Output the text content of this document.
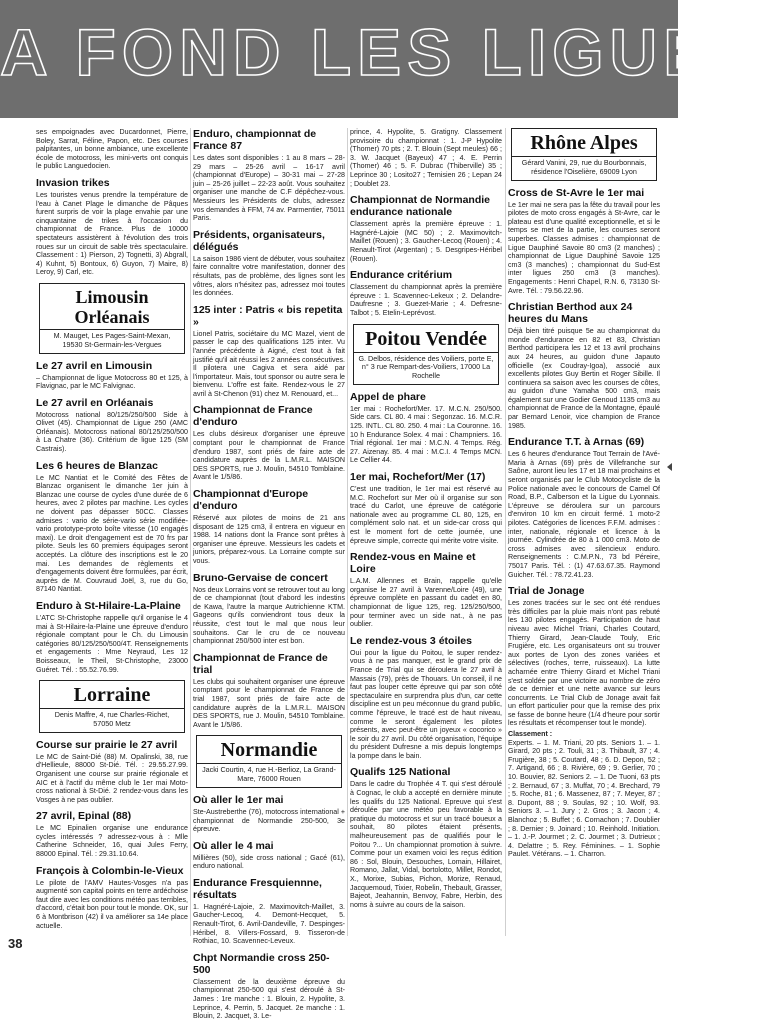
A FOND LES LIGUES

ses empoignades avec Ducardonnet, Pierre, Boley, Sarrat, Féline, Papon, etc. Des courses palpitantes, un bonne ambiance, une excellente école de motocross, les mini-verts ont conquis le public Languedocien.

Invasion trikes

Les touristes venus prendre la température de l'eau à Canet Plage le dimanche de Pâques furent surpris de voir la plage envahie par une cinquantaine de trikes à l'occasion du championnat de France. Plus de 10000 spectateurs assistèrent à l'évolution des trois roues sur un circuit de sable très spectaculaire. Classement : 1) Pierson, 2) Tognetti, 3) Abgrall, 4) Kuhnt, 5) Bontoux, 6) Guyon, 7) Maire, 8) Leroy, 9) Carl, etc.

Limousin Orléanais
M. Mauget, Les Pages-Saint-Mexan, 19530 St-Germain-les-Vergues
Le 27 avril en Limousin

– Championnat de ligue Motocross 80 et 125, à Flavignac, par le MC Falvignac.

Le 27 avril en Orléanais

Motocross national 80/125/250/500 Side à Olivet (45). Championnat de Ligue 250 (AMC Orléanais). Motocross national 80/125/250/500 à La Chatre (36). Critérium de ligue 125 (SM Castrais).

Les 6 heures de Blanzac

Le MC Nantiat et le Comité des Fêtes de Blanzac organisent le dimanche 1er juin à Blanzac une course de cycles d'une durée de 6 heures, avec 2 pilotes par machine. Les cycles ne doivent pas dépasser 50CC. Classes admises : vario de série-vario série modifiée-vario prototype-proto boîte vitesse (10 engagés maxi). Le droit d'engagement est de 70 frs par pilote. Seuls les 60 premiers équipages seront acceptés. La clôture des inscriptions est le 20 mai. Les demandes de règlements et d'engagements doivent être formulées, par écrit, auprès de M. Couvraud Joël, 3, rue du Go, 87140 Nantiat.

Enduro à St-Hilaire-La-Plaine

L'ATC St-Christophe rappelle qu'il organise le 4 mai à St-Hilaire-la-Plaine une épreuve d'enduro régionale comptant pour le Ch. du Limousin catégories 80/125/250/500/4T. Renseignements et engagements : Mme Neyraud, Les 12 Boisseaux, le Theil, St-Christophe, 23000 Guéret. Tél. : 55.52.76.99.

Lorraine
Denis Maffre, 4, rue Charles-Richet, 57050 Metz
Course sur prairie le 27 avril

Le MC de Saint-Dié (88) M. Opalinski, 38, rue d'Hellieule, 88000 St-Dié. Tél. : 29.55.27.99. Organisent une course sur prairie régionale et AIC et à l'actif du même club le 1er mai Moto-cross national à St-Dié. 2 rendez-vous dans les Vosges à ne pas oublier.

27 avril, Epinal (88)

Le MC Epinalien organise une endurance cycles intéressés ? adressez-vous à : Mlle Catherine Schneider, 16, quai Jules Ferry, 88000 Epinal. Tél. : 29.31.10.64.

François à Colombin-le-Vieux

Le pilote de l'AMV Hautes-Vosges n'a pas augmenté son capital points en terre ardéchoise faut dire avec les conditions météo pas terribles, d'accord, c'était bon pour tout le monde. OK, sur 6 à Montbrison (42) il va améliorer sa 14e place actuelle.

Enduro, championnat de France 87

Les dates sont disponibles : 1 au 8 mars – 28-29 mars – 25-26 avril – 16-17 avril (championnat d'Europe) – 30-31 mai – 27-28 juin – 25-26 juillet – 22-23 août. Vous souhaitez organiser une manche de C.F dépêchez-vous. Messieurs les Présidents de clubs, adressez vos demandes à FFM, 74 av. Parmentier, 75011 Paris.

Présidents, organisateurs, délégués

La saison 1986 vient de débuter, vous souhaitez faire connaître votre manifestation, donner des résultats, pas de problème, des lignes sont les vôtres, alors n'hésitez pas, adressez moi toutes les données.

125 inter : Patris « bis repetita »

Lionel Patris, sociétaire du MC Mazel, vient de passer le cap des qualifications 125 inter. Vu l'année précédente à Aigné, c'est tout à fait justifié qu'il ait réussi les 2 années consécutives. Il pilotera une Cagiva et sera aidé par l'importateur. Mais, tout sponsor ou autre sera le bienvenu. L'offre est faite. Rendez-vous le 27 avril à St-Chenon (91) chez M. Renouard, et...

Championnat de France d'enduro

Les clubs désireux d'organiser une épreuve comptant pour le championnat de France d'enduro 1987, sont priés de faire acte de candidature auprès de la L.M.R.L. MAISON DES SPORTS, rue J. Moulin, 54510 Tomblaine. Avant le 1/5/86.

Championnat d'Europe d'enduro

Réservé aux pilotes de moins de 21 ans disposant de 125 cm3, il entrera en vigueur en 1988. 14 nations dont la France sont prêtes à organiser une épreuve. Messieurs les cadets et juniors, préparez-vous. La Lorraine compte sur vous.

Bruno-Gervaise de concert

Nos deux Lorrains vont se retrouver tout au long de ce championnat (tout d'abord les indestins de Kawa, l'autre la marque Autrichienne KTM. Gageons qu'ils conviendront tous deux la réussite, c'est tout le mal que nous leur souhaitons. Car le cru de ce nouveau championnat 250/500 inter est bon.

Championnat de France de trial

Les clubs qui souhaitent organiser une épreuve comptant pour le championnat de France de trial 1987, sont priés de faire acte de candidature auprès de la L.M.R.L. MAISON DES SPORTS, rue J. Moulin, 54510 Tomblaine. Avant le 1/5/86.

Normandie
Jacki Courtin, 4, rue H.-Berlioz, La Grand-Mare, 76000 Rouen
Où aller le 1er mai

Ste-Austreberthe (76), motocross international + championnat de Normandie 250-500, 3e épreuve.

Où aller le 4 mai

Millières (50), side cross national ; Gacé (61), enduro national.

Endurance Fresquiennne, résultats

1. Hagnéré-Lajoie, 2. Maximovitch-Maillet, 3. Gaucher-Lecoq, 4. Demont-Hecquet, 5. Renault-Tirot, 6. Avril-Dandeville, 7. Despinges-Héribel, 8. Villers-Fossard, 9. Tisseron-de Rothiac, 10. Scavennec-Leveux.

Chpt Normandie cross 250-500

Classement de la deuxième épreuve du championnat 250-500 qui s'est déroulé à St-James : 1re manche : 1. Blouin, 2. Hypolite, 3. Leprince, 4. Perrin, 5. Jacquet. 2e manche : 1. Blouin, 2. Jacquet, 3. Le-

prince, 4. Hypolite, 5. Gratigny. Classement provisoire du championnat : 1. J-P Hypolite (Thomer) 70 pts ; 2. T. Blouin (Sept meules) 66 ; 3. W. Jacquet (Bayeux) 47 ; 4. E. Perrin (Thomer) 46 ; 5. F. Dubrac (Thiberville) 35 ; Leprince 30 ; Losito27 ; Ternisien 26 ; Lepan 24 ; Doublet 23.

Championnat de Normandie endurance nationale

Classement après la première épreuve : 1. Hagnéré-Lajoie (MC 50) ; 2. Maximovitch-Maillet (Rouen) ; 3. Gaucher-Lecoq (Rouen) ; 4. Renault-Tirot (Argentan) ; 5. Desgripes-Héribel (Rouen).

Endurance critérium

Classement du championnat après la première épreuve : 1. Scavennec-Lekeux ; 2. Delandre-Daufresne ; 3. Guezet-Marie ; 4. Defresne-Talbot ; 5. Etelin-Leprévost.

Poitou Vendée
G. Delbos, résidence des Voiliers, porte E, n° 3 rue Rempart-des-Voiliers, 17000 La Rochelle
Appel de phare

1er mai : Rochefort/Mer. 17. M.C.N. 250/500. Side cars. CL 80. 4 mai : Segonzac. 16. M.C.R. 125. INTL. CL 80. 250. 4 mai : La Couronne. 16. 10 h Endurance Solex. 4 mai : Champniers. 16. Trial régional. 1er mai : M.C.N. 4 Temps. Rég. 27. Aizenay. 85. 4 mai : M.C.I. 4 Temps MCN. Le Cellier 44.

1er mai, Rochefort/Mer (17)

C'est une tradition, le 1er mai est réservé au M.C. Rochefort sur Mer où il organise sur son tracé du Carlot, une épreuve de catégorie nationale avec au programme CL 80, 125, en complément solo nat. et un side-car cross qui est le moment fort de cette journée, une épreuve simple, correcte qui mérite votre visite.

Rendez-vous en Maine et Loire

L.A.M. Allennes et Brain, rappelle qu'elle organise le 27 avril à Varenne/Loire (49), une épreuve complète en passant du cadet en 80, championnat de ligue 125, reg. 125/250/500, pour terminer avec un side nat., à ne pas oublier.

Le rendez-vous 3 étoiles

Oui pour la ligue du Poitou, le super rendez-vous à ne pas manquer, est le grand prix de France de Trial qui se déroulera le 27 avril à Massais (79), près de Thouars. Un conseil, il ne faut pas louper cette épreuve qui par son côté spectaculaire en surprendra plus d'un, car cette discipline est un peu méconnue du grand public, comme l'épreuve, le tracé est de haut niveau, comme le seront également les pilotes présents, avec peut-être un joyeux « cocorico » le soir du 27 avril. Du côté organisation, l'équipe du président Dufresne a mis depuis longtemps la pompe dans le bain.

Qualifs 125 National

Dans le cadre du Trophée 4 T. qui s'est déroulé à Cognac, le club a accepté en dernière minute les qualifs du 125 National. Epreuve qui s'est déroulée par une météo peu favorable à la pratique du motocross et sur un tracé boueux a souhait, 80 pilotes étaient présents, malheureusement pas de qualifiés pour le Poitou ?... Un championnat promotion à suivre. Comme pour un examen voici les reçus édition 86 : Sol, Blouin, Desouches, Lomain, Hillairet, Romano, Jallat, Vidal, bortolotto, Millet, Rondot, X., Morixe, Subias, Pichon, Morize, Renaud, Jacquemoud, Tixier, Robelin, Thebault, Grasser, Bajeot, Jeahannin, Benvoy, Fabre, Herbin, des noms à suivre au cours de la saison.

Rhône Alpes
Gérard Vanini, 29, rue du Bourbonnais, résidence l'Oiselière, 69009 Lyon
Cross de St-Avre le 1er mai

Le 1er mai ne sera pas la fête du travail pour les pilotes de moto cross engagés à St-Avre, car le plateau est d'une qualité exceptionnelle, et si le temps se met de la partie, les courses seront superbes. Classes admises : championnat de Ligue Dauphiné Savoie 80 cm3 (2 manches) ; championnat de Ligue Dauphiné Savoie 125 cm3 (3 manches) ; championnat du Sud-Est inter ligues 250 cm3 (3 manches). Engagements : Henri Chapel, R.N. 6, 73130 St-Avre. Tél. : 79.56.22.96.

Christian Berthod aux 24 heures du Mans

Déjà bien titré puisque 5e au championnat du monde d'endurance en 82 et 83, Christian Berthod participera les 12 et 13 avril prochains aux 24 heures, au guidon d'une Japauto officielle (ex Coudray-Igoa), associé aux excellents pilotes Guy Bertin et Roger Sibille. Il continuera sa saison avec les courses de côtes, au guidon d'une Yamaha 500 cm3, mais également sur une Godier Genoud 1135 cm3 au championnat de France de la Montagne, épaulé par Bernard Lenoir, vice champion de France 1985.

Endurance T.T. à Arnas (69)

Les 6 heures d'endurance Tout Terrain de l'Avé-Maria à Arnas (69) près de Villefranche sur Saône, auront lieu les 17 et 18 mai prochains et seront organisés par le Club Motocycliste de la Police nationale avec le concours de Camel Of Road, B.P., Calberson et la Ligue du Lyonnais. L'épreuve se déroulera sur un parcours d'environ 10 km en circuit fermé. 1 moto-2 pilotes. Catégories de licences F.F.M. admises : inter, nationale, régionale et licence à la journée. Cylindrée de 80 à 1 000 cm3. Moto de cross admises avec silencieux enduro. Renseignements : C.M.P.N., 73 bd Péreire, 75017 Paris. Tél. : (1) 47.63.67.35. Raymond Guicher. Tél. : 78.72.41.23.

Trial de Jonage

Les zones tracées sur le sec ont été rendues très difficiles par la pluie mais n'ont pas rebuté les 130 pilotes engagés. Participation de haut niveau avec Michel Triani, Charles Coutard, Thierry Girard, Jean-Claude Touly, Eric Frugière, etc. Les organisateurs ont su trouver aux portes de Lyon des zones variées et sélectives (roches, terre, ruisseaux). La lutte acharnée entre Thierry Girard et Michel Triani s'est soldée par une victoire au nombre de zéro de ce dernier et une nette avance sur leurs concurrents. Le Trial Club de Jonage avait fait un effort particulier pour que la remise des prix se fasse de bonne heure (1/4 d'heure pour sortir les résultats et récompenser tout le monde).

Classement :

Experts. – 1. M. Triani, 20 pts. Seniors 1. – 1. Girard, 20 pts ; 2. Touli, 31 ; 3. Thibault, 37 ; 4. Frugière, 38 ; 5. Coutard, 48 ; 6. D. Depon, 52 ; 7. Artigand, 66 ; 8. Rivière, 69 ; 9. Gerlier, 70 ; 10. Bouvier, 82. Seniors 2. – 1. De Tuoni, 63 pts ; 2. Bernaud, 67 ; 3. Muffat, 70 ; 4. Brechard, 79 ; 5. Roche, 81 ; 6. Massenez, 87 ; 7. Meyer, 87 ; 8. Dupont, 88 ; 9. Soulas, 92 ; 10. Wolf, 93. Seniors 3. – 1. Jury ; 2. Gros ; 3. Jacon ; 4. Blanchoz ; 5. Buffet ; 6. Cornachon ; 7. Doublier ; 8. Dernier ; 9. Joinard ; 10. Reinhold. Initiation. – 1. J.-P. Jourmet ; 2. C. Jourmet ; 3. Dutrieux ; 4. Delattre ; 5. Rey. Féminines. – 1. Sophie Paulet. Vétérans. – 1. Charron.

38
